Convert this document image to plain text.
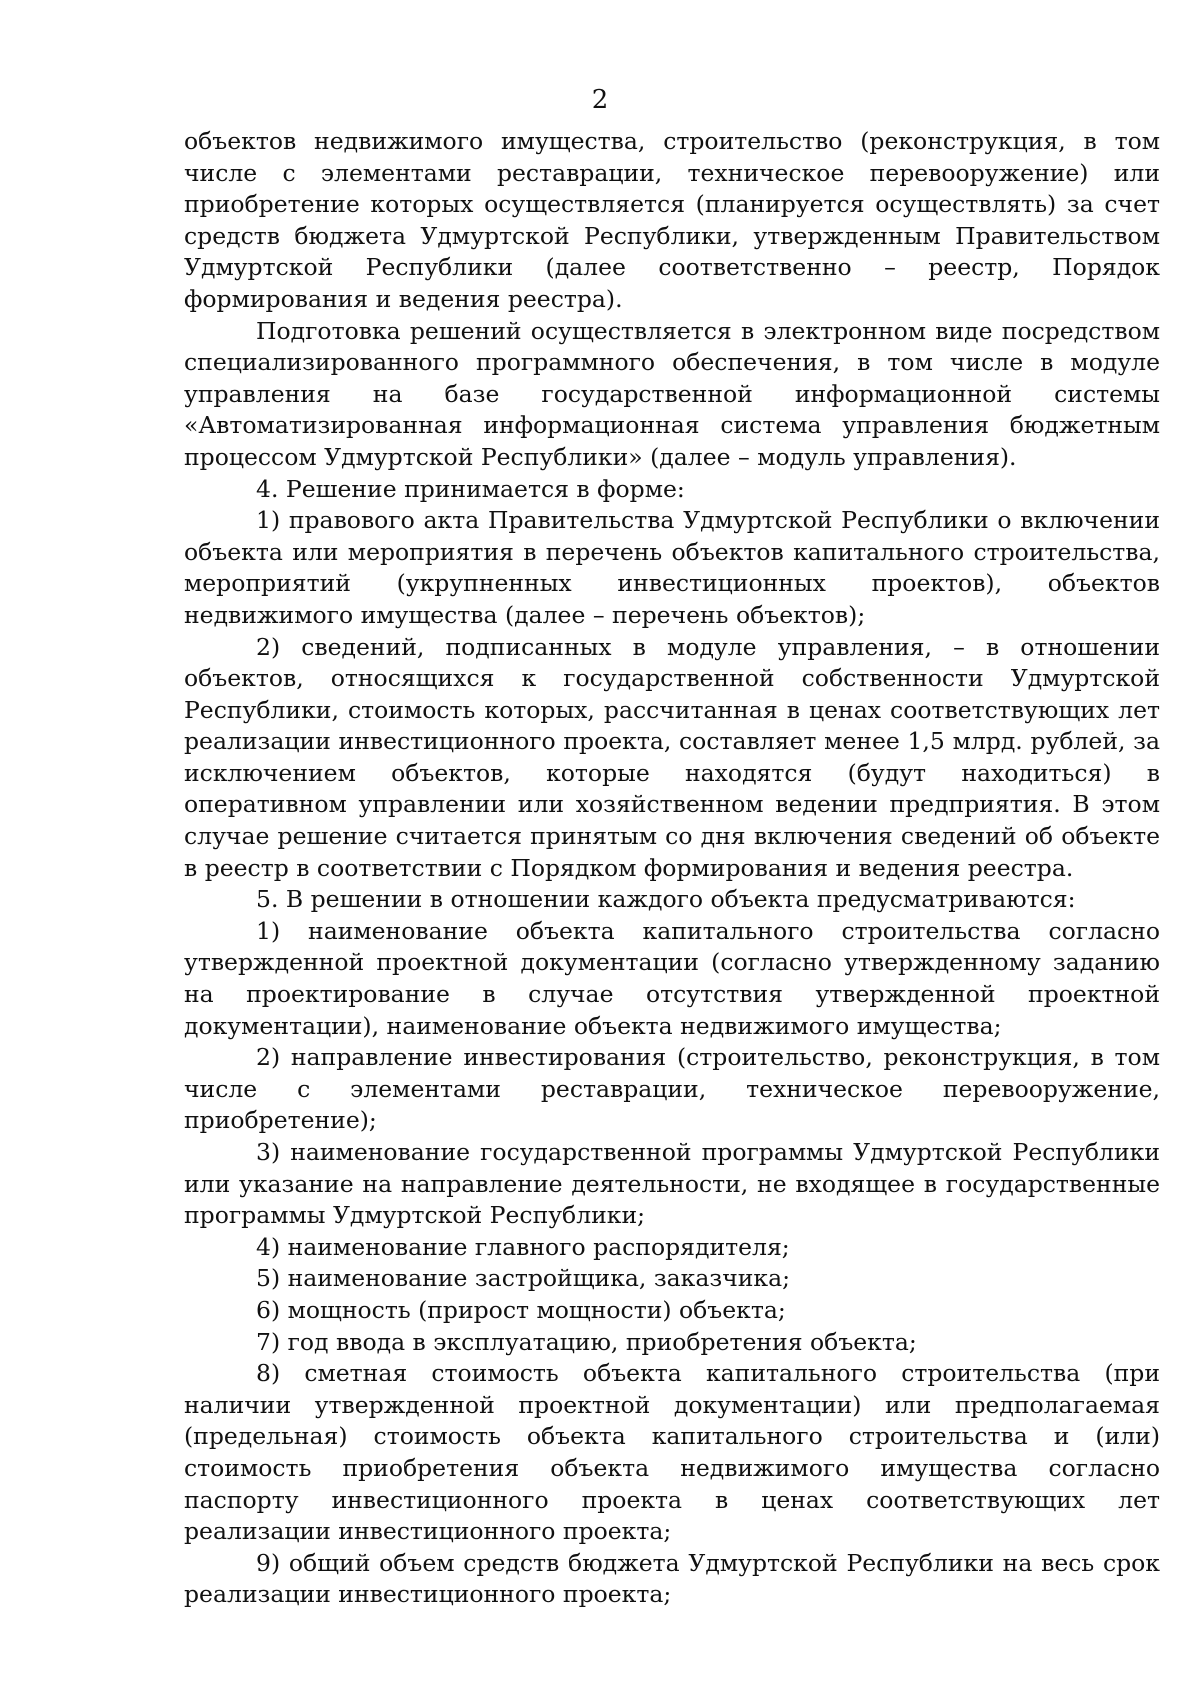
2

объектов недвижимого имущества, строительство (реконструкция, в том числе с элементами реставрации, техническое перевооружение) или приобретение которых осуществляется (планируется осуществлять) за счет средств бюджета Удмуртской Республики, утвержденным Правительством Удмуртской Республики (далее соответственно – реестр, Порядок формирования и ведения реестра).

Подготовка решений осуществляется в электронном виде посредством специализированного программного обеспечения, в том числе в модуле управления на базе государственной информационной системы «Автоматизированная информационная система управления бюджетным процессом Удмуртской Республики» (далее – модуль управления).

4. Решение принимается в форме:

1) правового акта Правительства Удмуртской Республики о включении объекта или мероприятия в перечень объектов капитального строительства, мероприятий (укрупненных инвестиционных проектов), объектов недвижимого имущества (далее – перечень объектов);

2) сведений, подписанных в модуле управления, – в отношении объектов, относящихся к государственной собственности Удмуртской Республики, стоимость которых, рассчитанная в ценах соответствующих лет реализации инвестиционного проекта, составляет менее 1,5 млрд. рублей, за исключением объектов, которые находятся (будут находиться) в оперативном управлении или хозяйственном ведении предприятия. В этом случае решение считается принятым со дня включения сведений об объекте в реестр в соответствии с Порядком формирования и ведения реестра.

5. В решении в отношении каждого объекта предусматриваются:

1) наименование объекта капитального строительства согласно утвержденной проектной документации (согласно утвержденному заданию на проектирование в случае отсутствия утвержденной проектной документации), наименование объекта недвижимого имущества;

2) направление инвестирования (строительство, реконструкция, в том числе с элементами реставрации, техническое перевооружение, приобретение);

3) наименование государственной программы Удмуртской Республики или указание на направление деятельности, не входящее в государственные программы Удмуртской Республики;

4) наименование главного распорядителя;

5) наименование застройщика, заказчика;

6) мощность (прирост мощности) объекта;

7) год ввода в эксплуатацию, приобретения объекта;

8) сметная стоимость объекта капитального строительства (при наличии утвержденной проектной документации) или предполагаемая (предельная) стоимость объекта капитального строительства и (или) стоимость приобретения объекта недвижимого имущества согласно паспорту инвестиционного проекта в ценах соответствующих лет реализации инвестиционного проекта;

9) общий объем средств бюджета Удмуртской Республики на весь срок реализации инвестиционного проекта;
